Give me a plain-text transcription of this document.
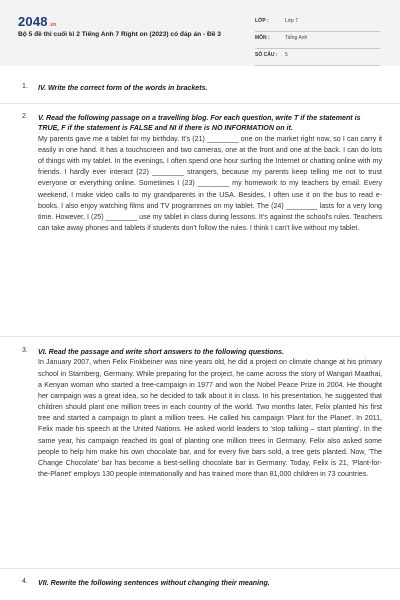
2048.vn
Bộ 5 đề thi cuối kì 2 Tiếng Anh 7 Right on (2023) có đáp án - Đề 3
LỚP :	Lớp 7
MÔN :	Tiếng Anh
SỐ CÂU : 5
1. IV. Write the correct form of the words in brackets.
2. V. Read the following passage on a travelling blog. For each question, write T if the statement is TRUE, F if the statement is FALSE and NI if there is NO INFORMATION on it.
My parents gave me a tablet for my birthday. It's (21) ________ one on the market right now, so I can carry it easily in one hand. It has a touchscreen and two cameras, one at the front and one at the back. I can do lots of things with my tablet. In the evenings, I often spend one hour surfing the Internet or chatting online with my friends. I hardly ever interact (22) ________ strangers, because my parents keep telling me not to trust everyone or everything online. Sometimes I (23) ________ my homework to my teachers by email. Every weekend, I make video calls to my grandparents in the USA. Besides, I often use it on the bus to read e-books. I also enjoy watching films and TV programmes on my tablet. The (24) ________ lasts for a very long time. However, I (25) ________ use my tablet in class during lessons. It's against the school's rules. Teachers can take away phones and tablets if students don't follow the rules. I think I can't live without my tablet.
3. VI. Read the passage and write short answers to the following questions.
In January 2007, when Felix Finkbeiner was nine years old, he did a project on climate change at his primary school in Starnberg, Germany. While preparing for the project, he came across the story of Wangari Maathai, a Kenyan woman who started a tree-campaign in 1977 and won the Nobel Peace Prize in 2004. He thought her campaign was a great idea, so he decided to talk about it in class. In his presentation, he suggested that children should plant one million trees in each country of the world. Two months later, Felix planted his first tree and started a campaign to plant a million trees. He called his campaign 'Plant for the Planet'. In 2011, Felix made his speech at the United Nations. He asked world leaders to 'stop talking – start planting'. In the same year, his campaign reached its goal of planting one million trees in Germany. Felix also asked some people to help him make his own chocolate bar, and for every five bars sold, a tree gets planted. Now, 'The Change Chocolate' bar has become a best-selling chocolate bar in Germany. Today, Felix is 21, 'Plant-for-the-Planet' employs 130 people internationally and has trained more than 81,000 children in 73 countries.
4. VII. Rewrite the following sentences without changing their meaning.
